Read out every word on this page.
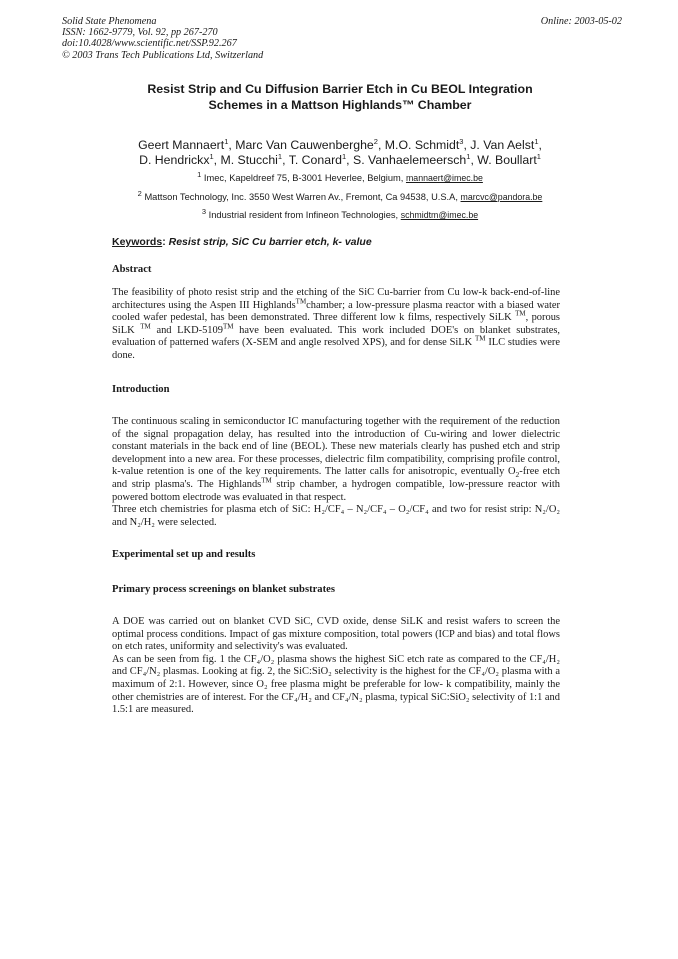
Solid State Phenomena
ISSN: 1662-9779, Vol. 92, pp 267-270
doi:10.4028/www.scientific.net/SSP.92.267
© 2003 Trans Tech Publications Ltd, Switzerland
Online: 2003-05-02
Resist Strip and Cu Diffusion Barrier Etch in Cu BEOL Integration
Schemes in a Mattson Highlands™ Chamber
Geert Mannaert$^1$, Marc Van Cauwenberghe$^2$, M.O. Schmidt$^3$, J. Van Aelst$^1$,
D. Hendrickx$^1$, M. Stucchi$^1$, T. Conard$^1$, S. Vanhaelemeersch$^1$, W. Boullart$^1$
$^1$ Imec, Kapeldreef 75, B-3001 Heverlee, Belgium, mannaert@imec.be
$^2$ Mattson Technology, Inc. 3550 West Warren Av., Fremont, Ca 94538, U.S.A, marcvc@pandora.be
$^3$ Industrial resident from Infineon Technologies, schmidtm@imec.be
Keywords: Resist strip, SiC Cu barrier etch, k- value
Abstract

The feasibility of photo resist strip and the etching of the SiC Cu-barrier from Cu low-k back-end-of-line architectures using the Aspen III Highlands™chamber; a low-pressure plasma reactor with a biased water cooled wafer pedestal, has been demonstrated. Three different low k films, respectively SiLK ™, porous SiLK ™ and LKD-5109™ have been evaluated. This work included DOE's on blanket substrates, evaluation of patterned wafers (X-SEM and angle resolved XPS), and for dense SiLK ™ ILC studies were done.

Introduction

The continuous scaling in semiconductor IC manufacturing together with the requirement of the reduction of the signal propagation delay, has resulted into the introduction of Cu-wiring and lower dielectric constant materials in the back end of line (BEOL). These new materials clearly has pushed etch and strip development into a new area. For these processes, dielectric film compatibility, comprising profile control, k-value retention is one of the key requirements. The latter calls for anisotropic, eventually $O_2$-free etch and strip plasma's. The Highlands™ strip chamber, a hydrogen compatible, low-pressure reactor with powered bottom electrode was evaluated in that respect.

Three etch chemistries for plasma etch of SiC: H₂/CF₄ – N₂/CF₄ – O₂/CF₄ and two for resist strip: N₂/O₂ and N₂/H₂ were selected.

Experimental set up and results
Primary process screenings on blanket substrates

A DOE was carried out on blanket CVD SiC, CVD oxide, dense SiLK and resist wafers to screen the optimal process conditions. Impact of gas mixture composition, total powers (ICP and bias) and total flows on etch rates, uniformity and selectivity's was evaluated.

As can be seen from fig. 1 the CF₄/O₂ plasma shows the highest SiC etch rate as compared to the CF₄/H₂ and CF₄/N₂ plasmas. Looking at fig. 2, the SiC:SiO₂ selectivity is the highest for the CF₄/O₂ plasma with a maximum of 2:1. However, since O₂ free plasma might be preferable for low- k compatibility, mainly the other chemistries are of interest. For the CF₄/H₂ and CF₄/N₂ plasma, typical SiC:SiO₂ selectivity of 1:1 and 1.5:1 are measured.
